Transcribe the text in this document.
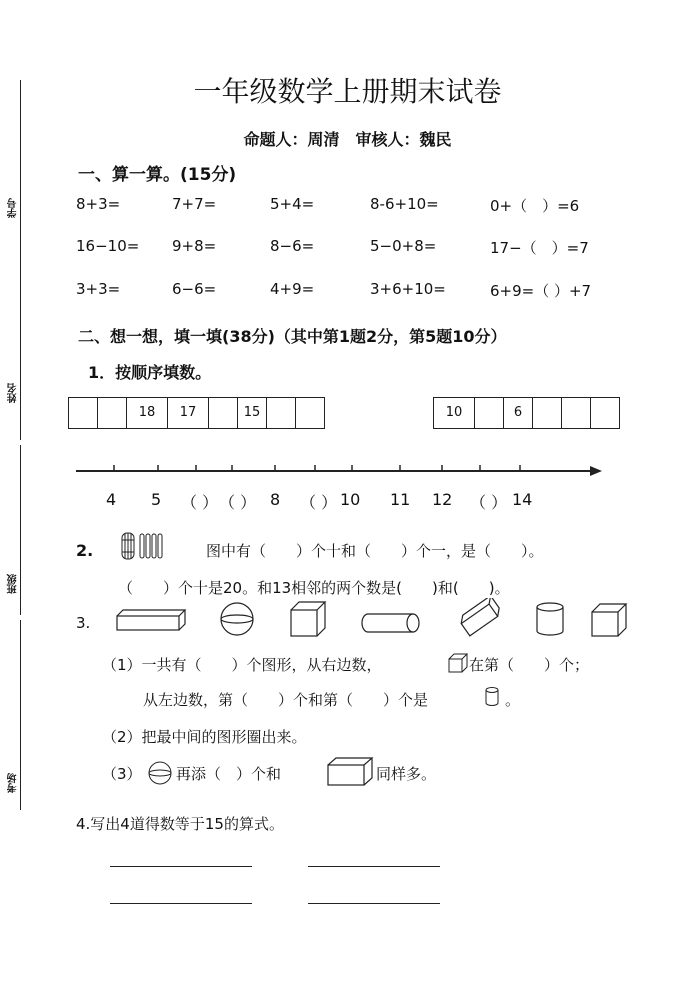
学号
姓名
班级
考场
一年级数学上册期末试卷
命题人：周清　审核人：魏民
一、算一算。(15分)
8+3=	7+7=	5+4=	8-6+10=	0+（　）=6
16−10= 9+8=	8−6=	5−0+8=	17−（　）=7
3+3=	6−6=	4+9=	3+6+10=	6+9=（ ）+7
二、想一想，填一填(38分)（其中第1题2分，第5题10分）
1．按顺序填数。
18	17	15	10	6
4 5 （ ） （ ） 8 （ ） 10 11 12 （ ） 14
2.	图中有（　　）个十和（　　）个一，是（　　）。
（　　）个十是20。和13相邻的两个数是(　　)和(　　)。
3.
（1）一共有（　　）个图形，从右边数，	在第（　　）个；
从左边数，第（　　）个和第（　　）个是	。
（2）把最中间的图形圈出来。
（3） 再添（　）个和	同样多。
4.写出4道得数等于15的算式。
